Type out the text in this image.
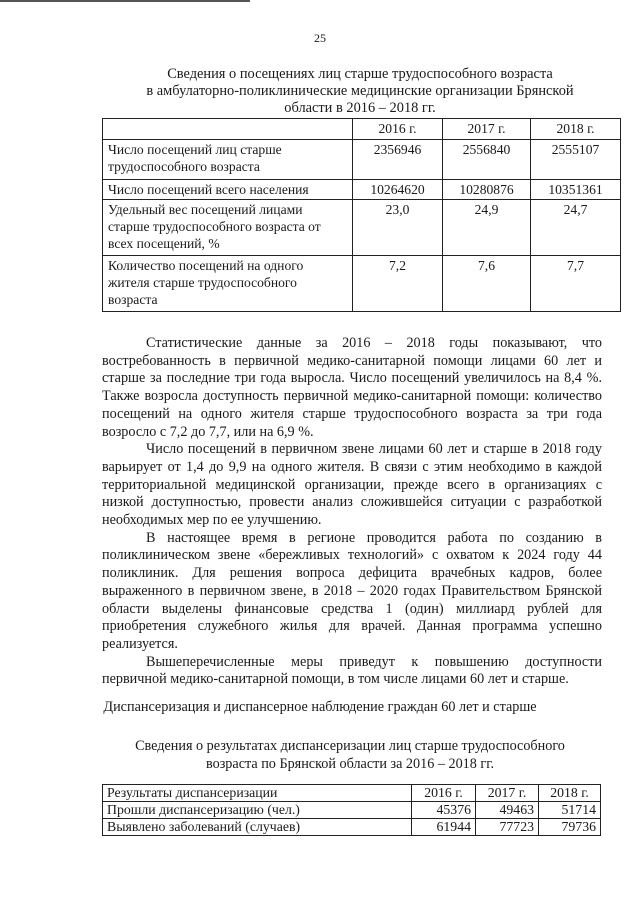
25
Сведения о посещениях лиц старше трудоспособного возраста
в амбулаторно-поликлинические медицинские организации Брянской
области в 2016 – 2018 гг.
	2016 г.	2017 г.	2018 г.
Число посещений лиц старше трудоспособного возраста	2356946	2556840	2555107
Число посещений всего населения	10264620	10280876	10351361
Удельный вес посещений лицами старше трудоспособного возраста от всех посещений, %	23,0	24,9	24,7
Количество посещений на одного жителя старше трудоспособного возраста	7,2	7,6	7,7

Статистические данные за 2016 – 2018 годы показывают, что востребованность в первичной медико-санитарной помощи лицами 60 лет и старше за последние три года выросла. Число посещений увеличилось на 8,4 %. Также возросла доступность первичной медико-санитарной помощи: количество посещений на одного жителя старше трудоспособного возраста за три года возросло с 7,2 до 7,7, или на 6,9 %.

Число посещений в первичном звене лицами 60 лет и старше в 2018 году варьирует от 1,4 до 9,9 на одного жителя. В связи с этим необходимо в каждой территориальной медицинской организации, прежде всего в организациях с низкой доступностью, провести анализ сложившейся ситуации с разработкой необходимых мер по ее улучшению.

В настоящее время в регионе проводится работа по созданию в поликлиническом звене «бережливых технологий» с охватом к 2024 году 44 поликлиник. Для решения вопроса дефицита врачебных кадров, более выраженного в первичном звене, в 2018 – 2020 годах Правительством Брянской области выделены финансовые средства 1 (один) миллиард рублей для приобретения служебного жилья для врачей. Данная программа успешно реализуется.

Вышеперечисленные меры приведут к повышению доступности первичной медико-санитарной помощи, в том числе лицами 60 лет и старше.

Диспансеризация и диспансерное наблюдение граждан 60 лет и старше
Сведения о результатах диспансеризации лиц старше трудоспособного
возраста по Брянской области за 2016 – 2018 гг.
Результаты диспансеризации	2016 г.	2017 г.	2018 г.
Прошли диспансеризацию (чел.)	45376	49463	51714
Выявлено заболеваний (случаев)	61944	77723	79736
